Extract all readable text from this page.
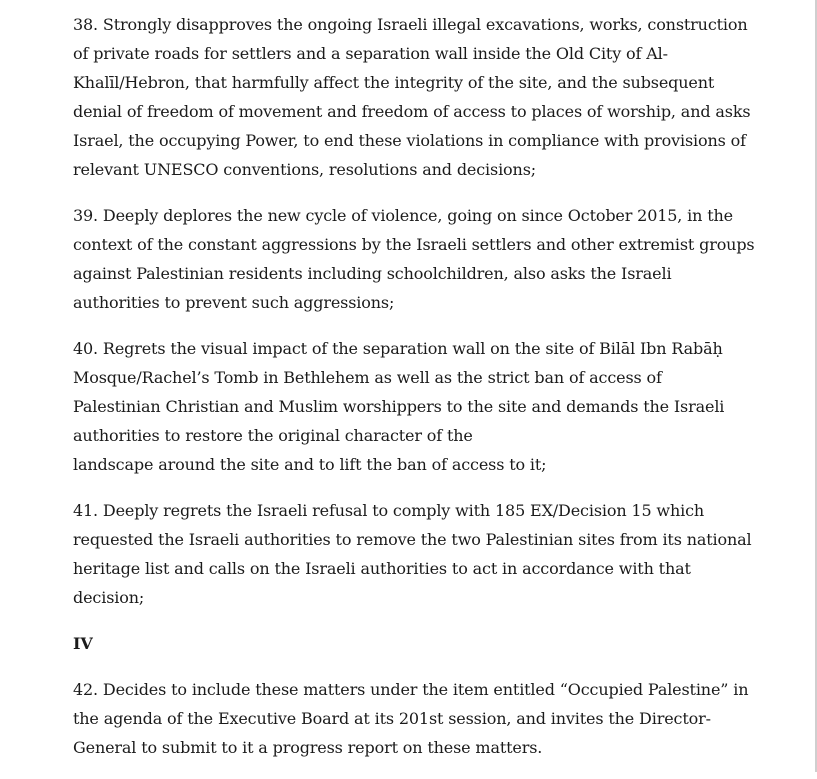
38. Strongly disapproves the ongoing Israeli illegal excavations, works, construction
of private roads for settlers and a separation wall inside the Old City of Al-
Khalīl/Hebron, that harmfully affect the integrity of the site, and the subsequent
denial of freedom of movement and freedom of access to places of worship, and asks
Israel, the occupying Power, to end these violations in compliance with provisions of
relevant UNESCO conventions, resolutions and decisions;

39. Deeply deplores the new cycle of violence, going on since October 2015, in the
context of the constant aggressions by the Israeli settlers and other extremist groups
against Palestinian residents including schoolchildren, also asks the Israeli
authorities to prevent such aggressions;

40. Regrets the visual impact of the separation wall on the site of Bilāl Ibn Rabāḥ
Mosque/Rachel’s Tomb in Bethlehem as well as the strict ban of access of
Palestinian Christian and Muslim worshippers to the site and demands the Israeli
authorities to restore the original character of the
landscape around the site and to lift the ban of access to it;

41. Deeply regrets the Israeli refusal to comply with 185 EX/Decision 15 which
requested the Israeli authorities to remove the two Palestinian sites from its national
heritage list and calls on the Israeli authorities to act in accordance with that
decision;

IV

42. Decides to include these matters under the item entitled “Occupied Palestine” in
the agenda of the Executive Board at its 201st session, and invites the Director-
General to submit to it a progress report on these matters.
